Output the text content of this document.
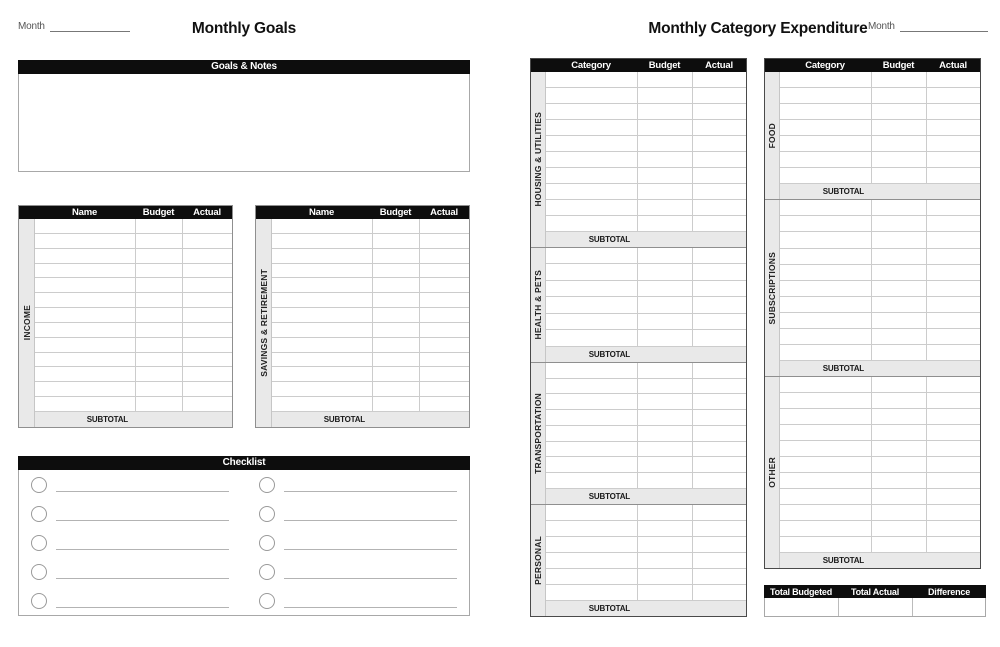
Month	Monthly Goals
Goals & Notes
Name	Budget	Actual
INCOME
SUBTOTAL
Name	Budget	Actual
SAVINGS & RETIREMENT
SUBTOTAL
Checklist
Monthly Category Expenditure Month
Category	Budget	Actual
HOUSING & UTILITIES
SUBTOTAL
HEALTH & PETS
SUBTOTAL
TRANSPORTATION
SUBTOTAL
PERSONAL
SUBTOTAL
Category	Budget	Actual
FOOD
SUBTOTAL
SUBSCRIPTIONS
SUBTOTAL
OTHER
SUBTOTAL
Total Budgeted	Total Actual	Difference
